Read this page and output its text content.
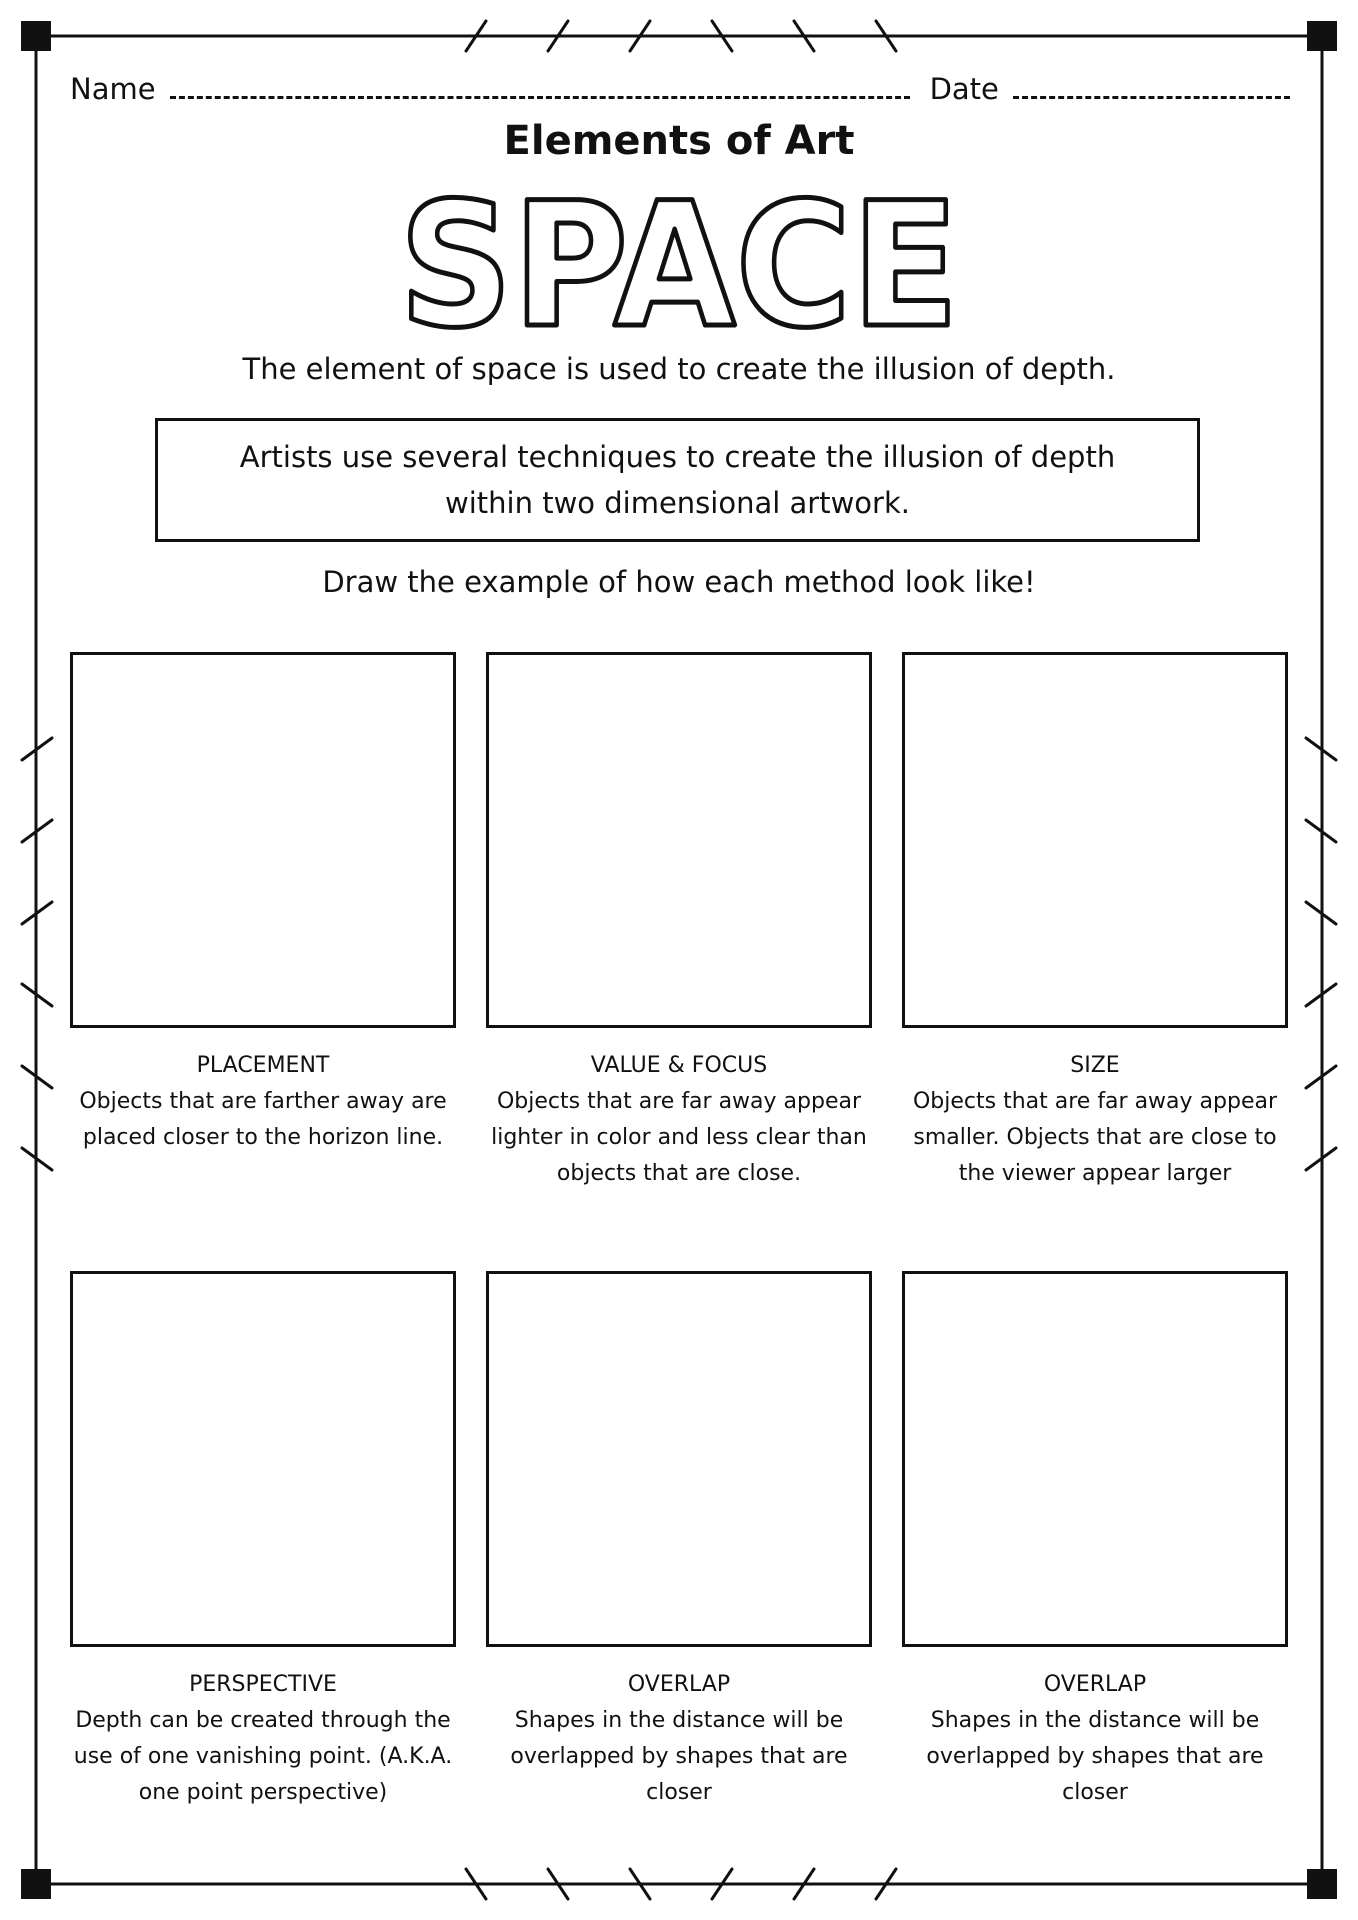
Name	Date
Elements of Art
SPACE
The element of space is used to create the illusion of depth.
Artists use several techniques to create the illusion of depth within two dimensional artwork.
Draw the example of how each method look like!
PLACEMENT
Objects that are farther away are placed closer to the horizon line.
VALUE & FOCUS
Objects that are far away appear lighter in color and less clear than objects that are close.
SIZE
Objects that are far away appear smaller. Objects that are close to the viewer appear larger
PERSPECTIVE
Depth can be created through the use of one vanishing point. (A.K.A. one point perspective)
OVERLAP
Shapes in the distance will be overlapped by shapes that are closer
OVERLAP
Shapes in the distance will be overlapped by shapes that are closer
